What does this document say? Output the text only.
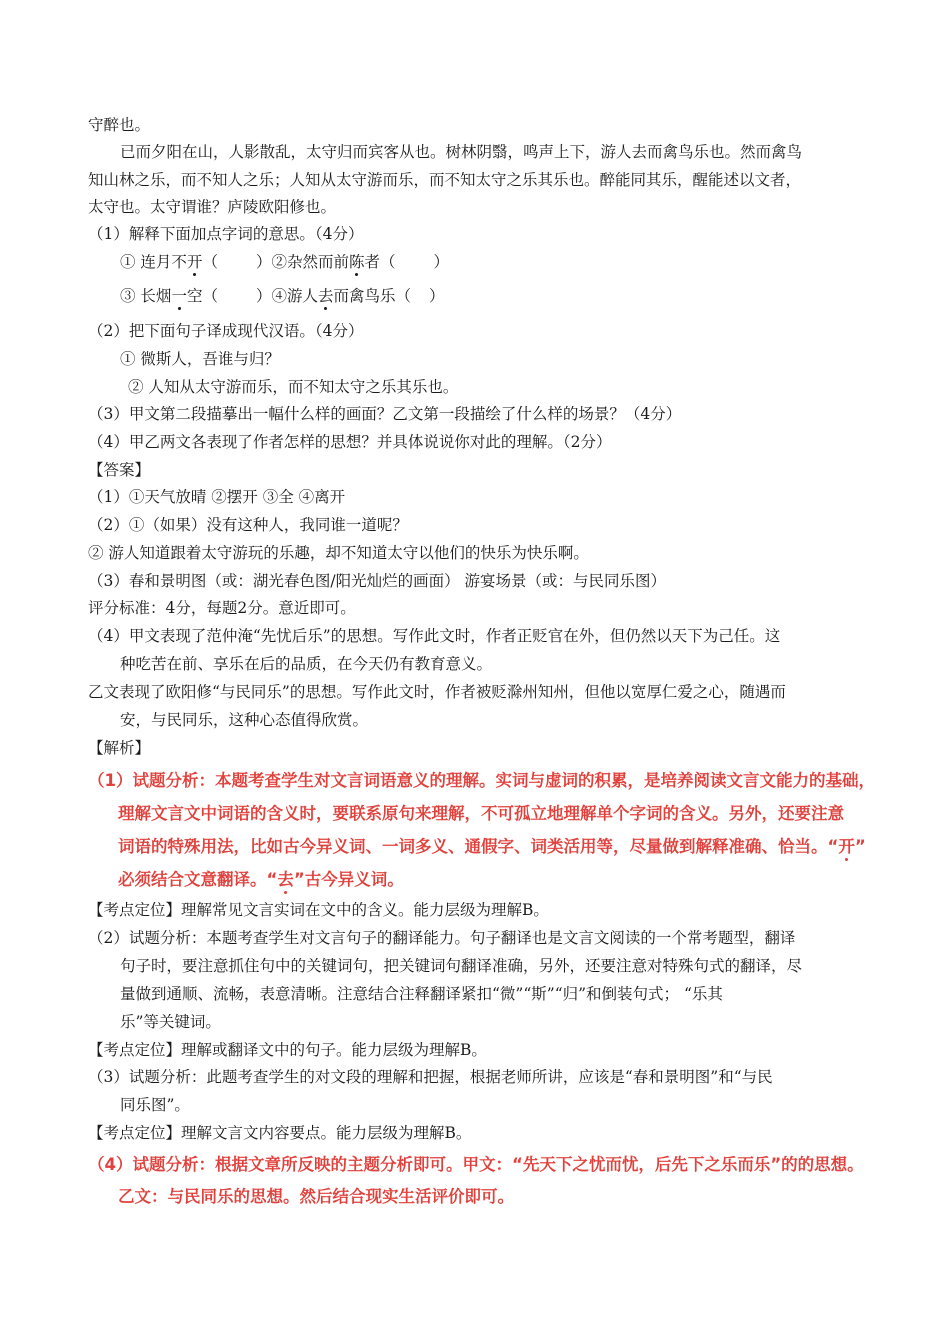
守醉也。
已而夕阳在山，人影散乱，太守归而宾客从也。树林阴翳，鸣声上下，游人去而禽鸟乐也。然而禽鸟
知山林之乐，而不知人之乐；人知从太守游而乐，而不知太守之乐其乐也。醉能同其乐，醒能述以文者，
太守也。太守谓谁？庐陵欧阳修也。
（1）解释下面加点字词的意思。（4分）
① 连月不开（ ）②杂然而前陈者（ ）
③ 长烟一空（ ）④游人去而禽鸟乐（ ）
（2）把下面句子译成现代汉语。（4分）
① 微斯人，吾谁与归？
② 人知从太守游而乐，而不知太守之乐其乐也。
（3）甲文第二段描摹出一幅什么样的画面？乙文第一段描绘了什么样的场景？（4分）
（4）甲乙两文各表现了作者怎样的思想？并具体说说你对此的理解。（2分）
【答案】
（1）①天气放晴 ②摆开 ③全 ④离开
（2）①（如果）没有这种人，我同谁一道呢？
② 游人知道跟着太守游玩的乐趣，却不知道太守以他们的快乐为快乐啊。
（3）春和景明图（或：湖光春色图/阳光灿烂的画面） 游宴场景（或：与民同乐图）
评分标准：4分，每题2分。意近即可。
（4）甲文表现了范仲淹“先忧后乐”的思想。写作此文时，作者正贬官在外，但仍然以天下为己任。这
种吃苦在前、享乐在后的品质，在今天仍有教育意义。
乙文表现了欧阳修“与民同乐”的思想。写作此文时，作者被贬滁州知州，但他以宽厚仁爱之心，随遇而
安，与民同乐，这种心态值得欣赏。
【解析】
（1）试题分析：本题考查学生对文言词语意义的理解。实词与虚词的积累，是培养阅读文言文能力的基础，
理解文言文中词语的含义时，要联系原句来理解，不可孤立地理解单个字词的含义。另外，还要注意
词语的特殊用法，比如古今异义词、一词多义、通假字、词类活用等，尽量做到解释准确、恰当。“开”
必须结合文意翻译。“去”古今异义词。
【考点定位】理解常见文言实词在文中的含义。能力层级为理解B。
（2）试题分析：本题考查学生对文言句子的翻译能力。句子翻译也是文言文阅读的一个常考题型，翻译
句子时，要注意抓住句中的关键词句，把关键词句翻译准确，另外，还要注意对特殊句式的翻译，尽
量做到通顺、流畅，表意清晰。注意结合注释翻译紧扣“微”“斯”“归”和倒装句式； “乐其
乐”等关键词。
【考点定位】理解或翻译文中的句子。能力层级为理解B。
（3）试题分析：此题考查学生的对文段的理解和把握，根据老师所讲，应该是“春和景明图”和“与民
同乐图”。
【考点定位】理解文言文内容要点。能力层级为理解B。
（4）试题分析：根据文章所反映的主题分析即可。甲文：“先天下之忧而忧，后先下之乐而乐”的的思想。
乙文：与民同乐的思想。然后结合现实生活评价即可。
